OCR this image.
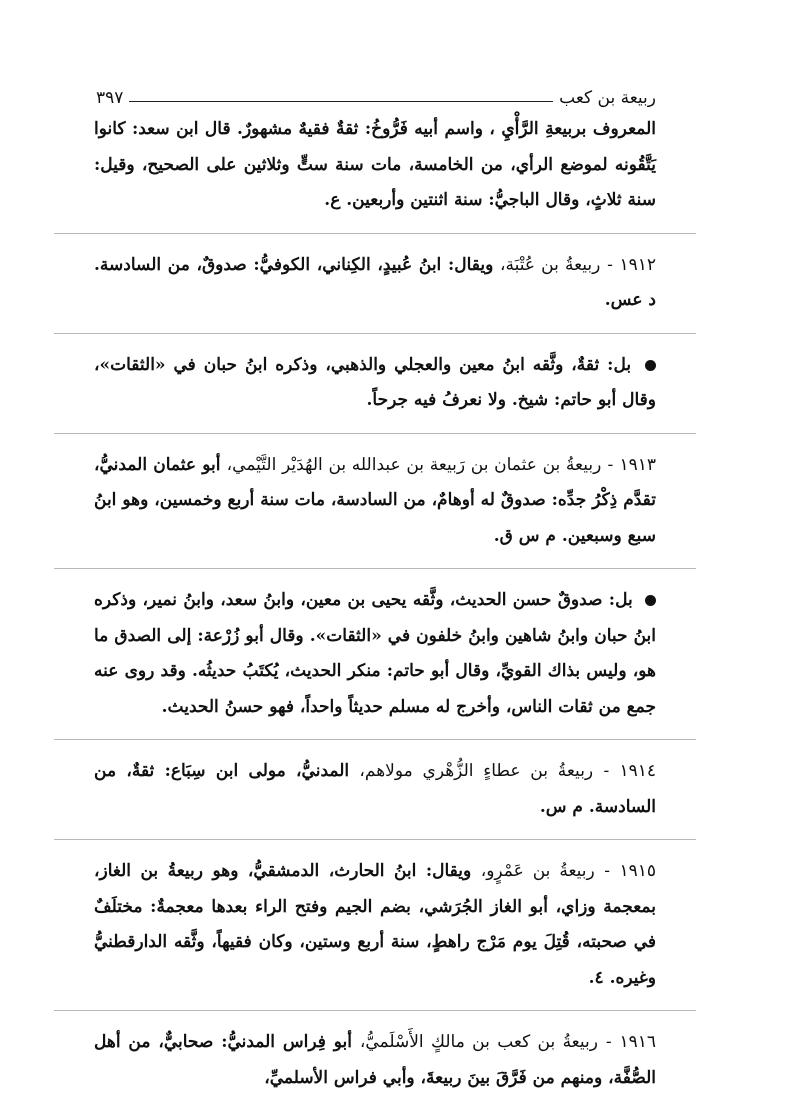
ربيعة بن كعب
٣٩٧

المعروف بربيعةِ الرَّأْيِ ، واسم أبيه فَرُّوخُ: ثقةٌ فقيهٌ مشهورٌ. قال ابن سعد: كانوا يَتَّقُونه لموضع الرأي، من الخامسة، مات سنة ستٍّ وثلاثين على الصحيح، وقيل: سنة ثلاثٍ، وقال الباجيُّ: سنة اثنتين وأربعين. ع.

١٩١٢ - ربيعةُ بن عُتْبَة، ويقال: ابنُ عُبيدٍ، الكِناني، الكوفيُّ: صدوقٌ، من السادسة. د عس.

بل: ثقةٌ، وثَّقه ابنُ معين والعجلي والذهبي، وذكره ابنُ حبان في «الثقات»، وقال أبو حاتم: شيخ. ولا نعرفُ فيه جرحاً.

١٩١٣ - ربيعةُ بن عثمان بن رَبيعة بن عبدالله بن الهُدَيْر التَّيْمي، أبو عثمان المدنيُّ، تقدَّم ذِكْرُ جدِّه: صدوقٌ له أوهامٌ، من السادسة، مات سنة أربع وخمسين، وهو ابنُ سبع وسبعين. م س ق.

بل: صدوقٌ حسن الحديث، وثَّقه يحيى بن معين، وابنُ سعد، وابنُ نمير، وذكره ابنُ حبان وابنُ شاهين وابنُ خلفون في «الثقات». وقال أبو زُرْعة: إلى الصدق ما هو، وليس بذاك القويِّ، وقال أبو حاتم: منكر الحديث، يُكتَبُ حديثُه. وقد روى عنه جمع من ثقات الناس، وأخرج له مسلم حديثاً واحداً، فهو حسنُ الحديث.

١٩١٤ - ربيعةُ بن عطاءٍ الزُّهْري مولاهم، المدنيُّ، مولى ابن سِبَاع: ثقةٌ، من السادسة. م س.

١٩١٥ - ربيعةُ بن عَمْرٍو، ويقال: ابنُ الحارث، الدمشقيُّ، وهو ربيعةُ بن الغاز، بمعجمة وزاي، أبو الغاز الجُرَشي، بضم الجيم وفتح الراء بعدها معجمةٌ: مختلَفٌ في صحبته، قُتِلَ يوم مَرْج راهطٍ، سنة أربع وستين، وكان فقيهاً، وثَّقه الدارقطنيُّ وغيره. ٤.

١٩١٦ - ربيعةُ بن كعب بن مالكٍ الأَسْلَميُّ، أبو فِراس المدنيُّ: صحابيٌّ، من أهل الصُّفَّة، ومنهم من فَرَّقَ بينَ ربيعةَ، وأبي فراس الأسلميِّ،
